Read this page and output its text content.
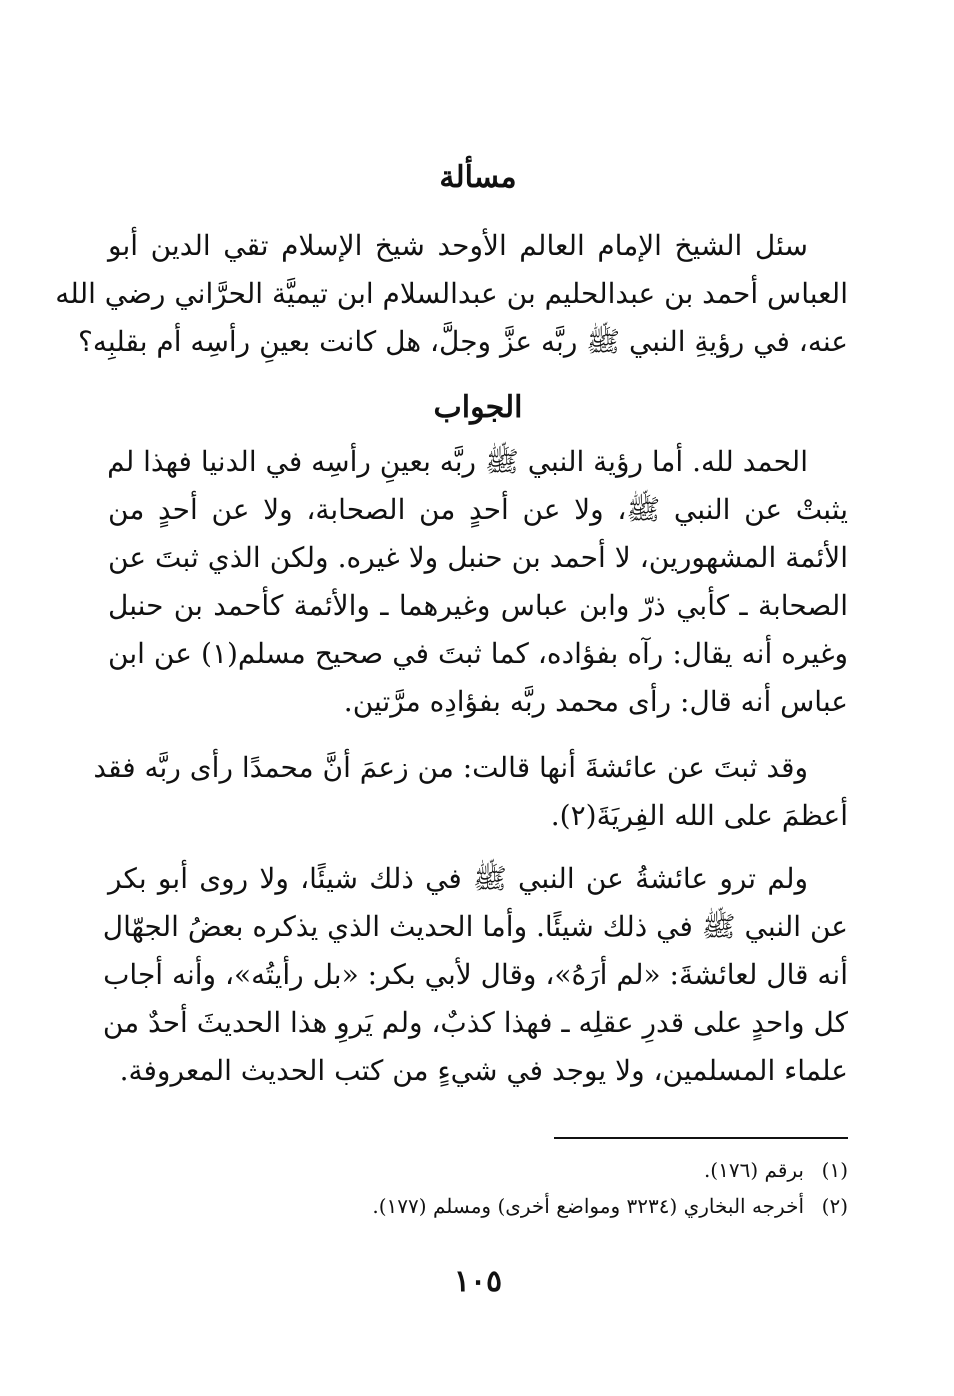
مسألة
سئل الشيخ الإمام العالم الأوحد شيخ الإسلام تقي الدين أبو
العباس أحمد بن عبدالحليم بن عبدالسلام ابن تيميَّة الحرَّاني رضي الله
عنه، في رؤيةِ النبي ﷺ ربَّه عزَّ وجلَّ، هل كانت بعينِ رأسِه أم بقلبِه؟
الجواب
الحمد لله. أما رؤية النبي ﷺ ربَّه بعينِ رأسِه في الدنيا فهذا لم
يثبتْ عن النبي ﷺ، ولا عن أحدٍ من الصحابة، ولا عن أحدٍ من
الأئمة المشهورين، لا أحمد بن حنبل ولا غيره. ولكن الذي ثبتَ عن
الصحابة ـ كأبي ذرّ وابن عباس وغيرهما ـ والأئمة كأحمد بن حنبل
وغيره أنه يقال: رآه بفؤاده، كما ثبتَ في صحيح مسلم(١) عن ابن
عباس أنه قال: رأى محمد ربَّه بفؤادِه مرَّتين.
وقد ثبتَ عن عائشةَ أنها قالت: من زعمَ أنَّ محمدًا رأى ربَّه فقد
أعظمَ على الله الفِريَةَ(٢).
ولم ترو عائشةُ عن النبي ﷺ في ذلك شيئًا، ولا روى أبو بكر
عن النبي ﷺ في ذلك شيئًا. وأما الحديث الذي يذكره بعضُ الجهّال
أنه قال لعائشةَ: «لم أرَهُ»، وقال لأبي بكر: «بل رأيتُه»، وأنه أجاب
كل واحدٍ على قدرِ عقلِه ـ فهذا كذبٌ، ولم يَروِ هذا الحديثَ أحدٌ من
علماء المسلمين، ولا يوجد في شيءٍ من كتب الحديث المعروفة.
(١)برقم (١٧٦).
(٢)أخرجه البخاري (٣٢٣٤ ومواضع أخرى) ومسلم (١٧٧).
١٠٥
